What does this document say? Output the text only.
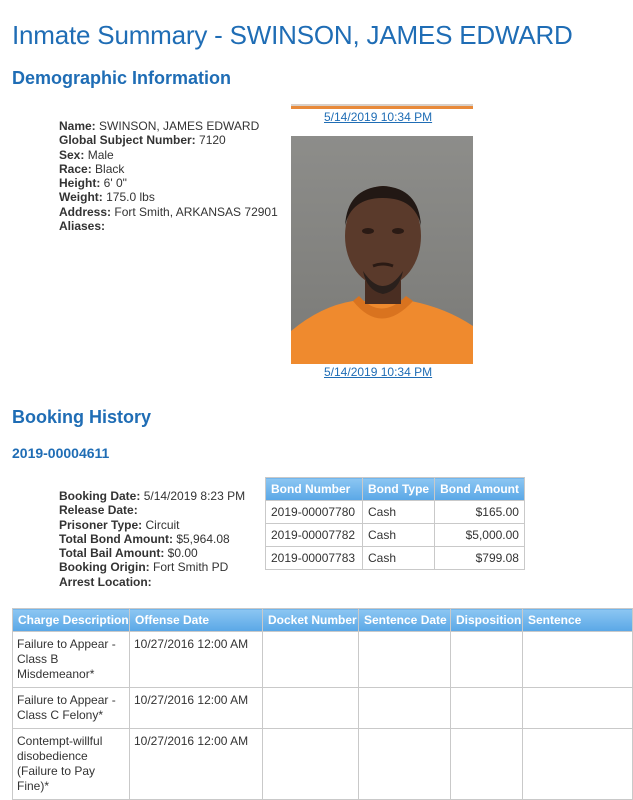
Inmate Summary - SWINSON, JAMES EDWARD
Demographic Information
Name: SWINSON, JAMES EDWARD
Global Subject Number: 7120
Sex: Male
Race: Black
Height: 6' 0"
Weight: 175.0 lbs
Address: Fort Smith, ARKANSAS 72901
Aliases:
5/14/2019 10:34 PM
5/14/2019 10:34 PM
Booking History
2019-00004611
Booking Date: 5/14/2019 8:23 PM
Release Date:
Prisoner Type: Circuit
Total Bond Amount: $5,964.08
Total Bail Amount: $0.00
Booking Origin: Fort Smith PD
Arrest Location:
Bond Number	Bond Type	Bond Amount
2019-00007780	Cash	$165.00
2019-00007782	Cash	$5,000.00
2019-00007783	Cash	$799.08
Charge Description	Offense Date	Docket Number	Sentence Date	Disposition	Sentence
Failure to Appear - Class B Misdemeanor*	10/27/2016 12:00 AM				
Failure to Appear - Class C Felony*	10/27/2016 12:00 AM				
Contempt-willful disobedience (Failure to Pay Fine)*	10/27/2016 12:00 AM				
